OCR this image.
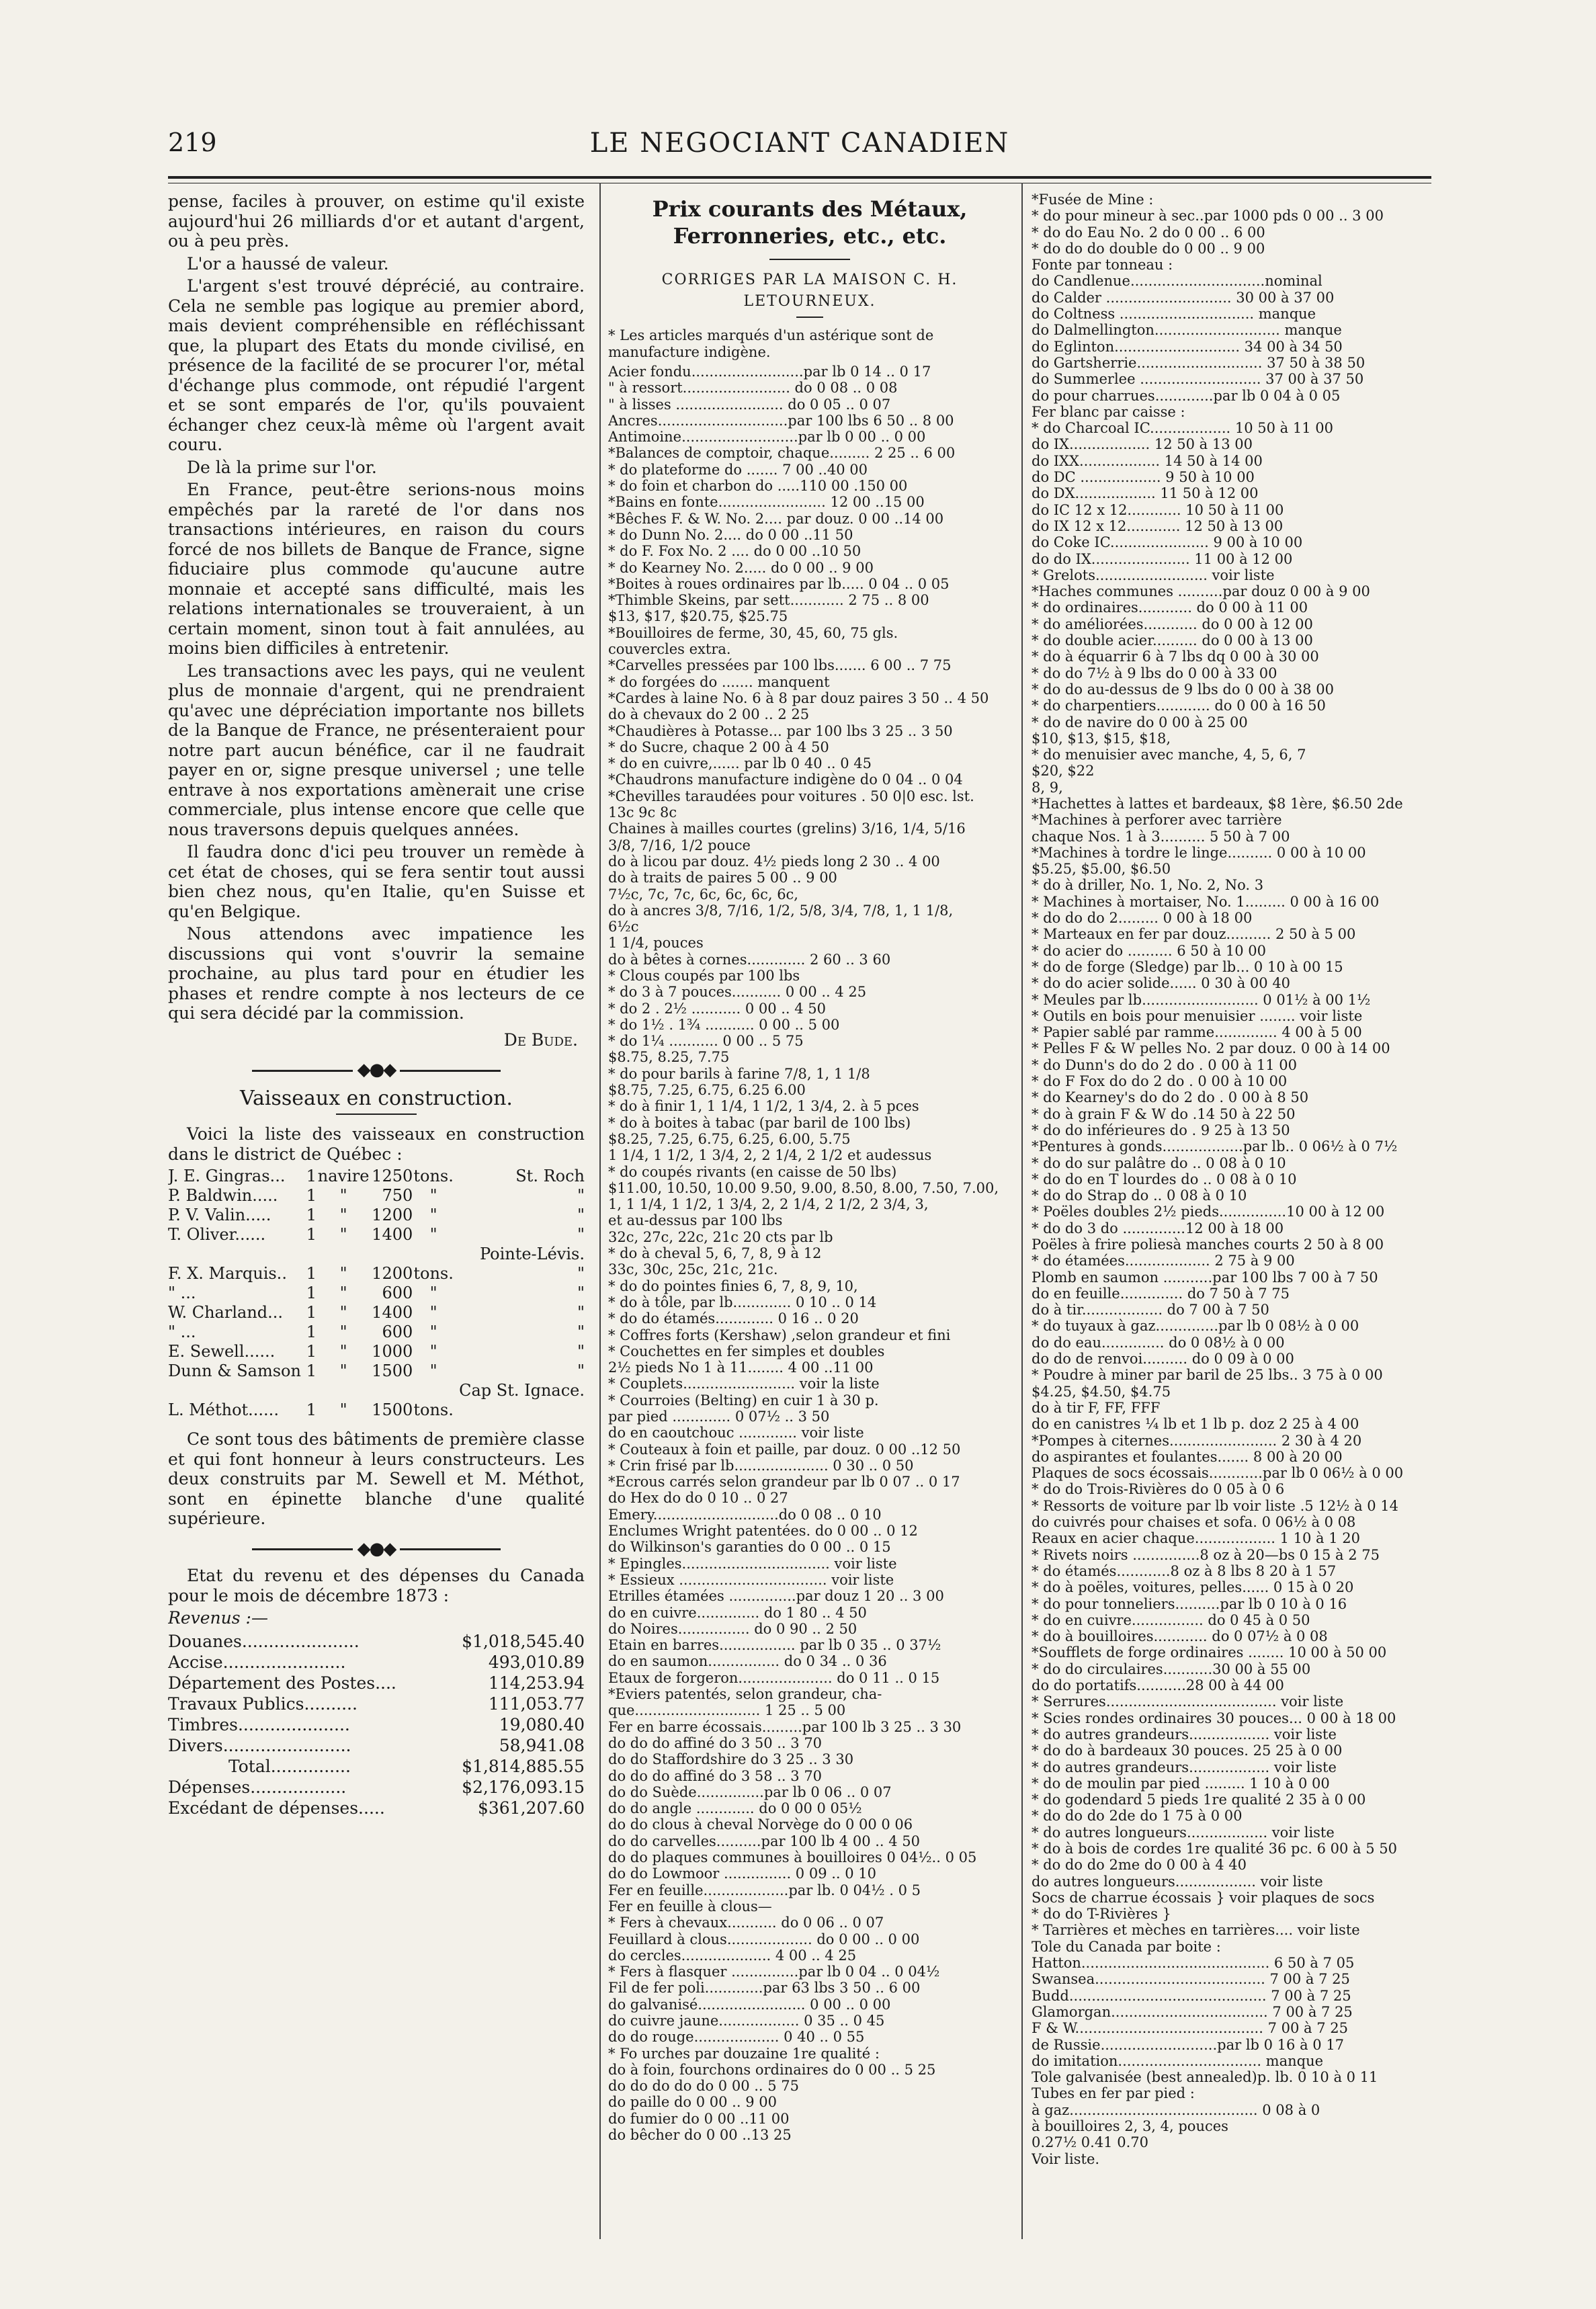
219	LE NEGOCIANT CANADIEN

pense, faciles à prouver, on estime qu'il existe aujourd'hui 26 milliards d'or et autant d'argent, ou à peu près.

L'or a haussé de valeur.

L'argent s'est trouvé déprécié, au contraire. Cela ne semble pas logique au premier abord, mais devient compréhensible en réfléchissant que, la plupart des Etats du monde civilisé, en présence de la facilité de se procurer l'or, métal d'échange plus commode, ont répudié l'argent et se sont emparés de l'or, qu'ils pouvaient échanger chez ceux-là même où l'argent avait couru.

De là la prime sur l'or.

En France, peut-être serions-nous moins empêchés par la rareté de l'or dans nos transactions intérieures, en raison du cours forcé de nos billets de Banque de France, signe fiduciaire plus commode qu'aucune autre monnaie et accepté sans difficulté, mais les relations internationales se trouveraient, à un certain moment, sinon tout à fait annulées, au moins bien difficiles à entretenir.

Les transactions avec les pays, qui ne veulent plus de monnaie d'argent, qui ne prendraient qu'avec une dépréciation importante nos billets de la Banque de France, ne présenteraient pour notre part aucun bénéfice, car il ne faudrait payer en or, signe presque universel ; une telle entrave à nos exportations amènerait une crise commerciale, plus intense encore que celle que nous traversons depuis quelques années.

Il faudra donc d'ici peu trouver un remède à cet état de choses, qui se fera sentir tout aussi bien chez nous, qu'en Italie, qu'en Suisse et qu'en Belgique.

Nous attendons avec impatience les discussions qui vont s'ouvrir la semaine prochaine, au plus tard pour en étudier les phases et rendre compte à nos lecteurs de ce qui sera décidé par la commission.

De Bude.
◆●◆
Vaisseaux en construction.

Voici la liste des vaisseaux en construction dans le district de Québec :

J. E. Gingras...	1	navire	1250	tons.	St. Roch
P. Baldwin.....	1	"	750	"	"
P. V. Valin.....	1	"	1200	"	"
T. Oliver......	1	"	1400	"	"
					Pointe-Lévis.
F. X. Marquis..	1	"	1200	tons.	"
" ...	1	"	600	"	"
W. Charland...	1	"	1400	"	"
" ...	1	"	600	"	"
E. Sewell......	1	"	1000	"	"
Dunn & Samson	1	"	1500	"	"
					Cap St. Ignace.
L. Méthot......	1	"	1500	tons.	

Ce sont tous des bâtiments de première classe et qui font honneur à leurs constructeurs. Les deux construits par M. Sewell et M. Méthot, sont en épinette blanche d'une qualité supérieure.

◆●◆

Etat du revenu et des dépenses du Canada pour le mois de décembre 1873 :

Revenus :—
Douanes......................	$1,018,545.40
Accise.......................	493,010.89
Département des Postes....	114,253.94
Travaux Publics..........	111,053.77
Timbres.....................	19,080.40
Divers........................	58,941.08
Total...............	$1,814,885.55
Dépenses..................	$2,176,093.15
Excédant de dépenses.....	$361,207.60
Prix courants des Métaux, Ferronneries, etc., etc.
CORRIGES PAR LA MAISON C. H. LETOURNEUX.
* Les articles marqués d'un astérique sont de manufacture indigène.
Acier fondu.........................par lb 0 14 .. 0 17
" à ressort........................ do 0 08 .. 0 08
" à lisses ........................ do 0 05 .. 0 07
Ancres.............................par 100 lbs 6 50 .. 8 00
Antimoine..........................par lb 0 00 .. 0 00
*Balances de comptoir, chaque......... 2 25 .. 6 00
* do plateforme do ....... 7 00 ..40 00
* do foin et charbon do .....110 00 .150 00
*Bains en fonte........................ 12 00 ..15 00
*Bêches F. & W. No. 2.... par douz. 0 00 ..14 00
* do Dunn No. 2.... do 0 00 ..11 50
* do F. Fox No. 2 .... do 0 00 ..10 50
* do Kearney No. 2..... do 0 00 .. 9 00
*Boites à roues ordinaires par lb..... 0 04 .. 0 05
*Thimble Skeins, par sett............ 2 75 .. 8 00
$13, $17, $20.75, $25.75
*Bouilloires de ferme, 30, 45, 60, 75 gls.
couvercles extra.
*Carvelles pressées par 100 lbs....... 6 00 .. 7 75
* do forgées do ....... manquent
*Cardes à laine No. 6 à 8 par douz paires 3 50 .. 4 50
do à chevaux do 2 00 .. 2 25
*Chaudières à Potasse... par 100 lbs 3 25 .. 3 50
* do Sucre, chaque 2 00 à 4 50
* do en cuivre,...... par lb 0 40 .. 0 45
*Chaudrons manufacture indigène do 0 04 .. 0 04
*Chevilles taraudées pour voitures . 50 0|0 esc. lst.
13c 9c 8c
Chaines à mailles courtes (grelins) 3/16, 1/4, 5/16
3/8, 7/16, 1/2 pouce
do à licou par douz. 4½ pieds long 2 30 .. 4 00
do à traits de paires 5 00 .. 9 00
7½c, 7c, 7c, 6c, 6c, 6c, 6c,
do à ancres 3/8, 7/16, 1/2, 5/8, 3/4, 7/8, 1, 1 1/8,
6½c
1 1/4, pouces
do à bêtes à cornes............. 2 60 .. 3 60
* Clous coupés par 100 lbs
* do 3 à 7 pouces........... 0 00 .. 4 25
* do 2 . 2½ ........... 0 00 .. 4 50
* do 1½ . 1¾ ........... 0 00 .. 5 00
* do 1¼ ........... 0 00 .. 5 75
$8.75, 8.25, 7.75
* do pour barils à farine 7/8, 1, 1 1/8
$8.75, 7.25, 6.75, 6.25 6.00
* do à finir 1, 1 1/4, 1 1/2, 1 3/4, 2. à 5 pces
* do à boites à tabac (par baril de 100 lbs)
$8.25, 7.25, 6.75, 6.25, 6.00, 5.75
1 1/4, 1 1/2, 1 3/4, 2, 2 1/4, 2 1/2 et audessus
* do coupés rivants (en caisse de 50 lbs)
$11.00, 10.50, 10.00 9.50, 9.00, 8.50, 8.00, 7.50, 7.00,
1, 1 1/4, 1 1/2, 1 3/4, 2, 2 1/4, 2 1/2, 2 3/4, 3,
et au-dessus par 100 lbs
32c, 27c, 22c, 21c 20 cts par lb
* do à cheval 5, 6, 7, 8, 9 à 12
33c, 30c, 25c, 21c, 21c.
* do do pointes finies 6, 7, 8, 9, 10,
* do à tôle, par lb............. 0 10 .. 0 14
* do do étamés............. 0 16 .. 0 20
* Coffres forts (Kershaw) ,selon grandeur et fini
* Couchettes en fer simples et doubles
2½ pieds No 1 à 11........ 4 00 ..11 00
* Couplets......................... voir la liste
* Courroies (Belting) en cuir 1 à 30 p.
par pied ............. 0 07½ .. 3 50
do en caoutchouc ............. voir liste
* Couteaux à foin et paille, par douz. 0 00 ..12 50
* Crin frisé par lb..................... 0 30 .. 0 50
*Ecrous carrés selon grandeur par lb 0 07 .. 0 17
do Hex do do 0 10 .. 0 27
Emery............................do 0 08 .. 0 10
Enclumes Wright patentées. do 0 00 .. 0 12
do Wilkinson's garanties do 0 00 .. 0 15
* Epingles................................. voir liste
* Essieux ................................. voir liste
Etrilles étamées ...............par douz 1 20 .. 3 00
do en cuivre.............. do 1 80 .. 4 50
do Noires................ do 0 90 .. 2 50
Etain en barres................. par lb 0 35 .. 0 37½
do en saumon................ do 0 34 .. 0 36
Etaux de forgeron..................... do 0 11 .. 0 15
*Eviers patentés, selon grandeur, cha-
que............................ 1 25 .. 5 00
Fer en barre écossais.........par 100 lb 3 25 .. 3 30
do do do affiné do 3 50 .. 3 70
do do Staffordshire do 3 25 .. 3 30
do do do affiné do 3 58 .. 3 70
do do Suède...............par lb 0 06 .. 0 07
do do angle ............. do 0 00 0 05½
do do clous à cheval Norvège do 0 00 0 06
do do carvelles..........par 100 lb 4 00 .. 4 50
do do plaques communes à bouilloires 0 04½.. 0 05
do do Lowmoor ............... 0 09 .. 0 10
Fer en feuille...................par lb. 0 04½ . 0 5
Fer en feuille à clous—
* Fers à chevaux........... do 0 06 .. 0 07
Feuillard à clous................... do 0 00 .. 0 00
do cercles.................... 4 00 .. 4 25
* Fers à flasquer ...............par lb 0 04 .. 0 04½
Fil de fer poli.............par 63 lbs 3 50 .. 6 00
do galvanisé........................ 0 00 .. 0 00
do cuivre jaune.................. 0 35 .. 0 45
do do rouge................... 0 40 .. 0 55
* Fo urches par douzaine 1re qualité :
do à foin, fourchons ordinaires do 0 00 .. 5 25
do do do do do 0 00 .. 5 75
do paille do 0 00 .. 9 00
do fumier do 0 00 ..11 00
do bêcher do 0 00 ..13 25
*Fusée de Mine :
* do pour mineur à sec..par 1000 pds 0 00 .. 3 00
* do do Eau No. 2 do 0 00 .. 6 00
* do do do double do 0 00 .. 9 00
Fonte par tonneau :
do Candlenue..............................nominal
do Calder ............................ 30 00 à 37 00
do Coltness .............................. manque
do Dalmellington............................ manque
do Eglinton............................ 34 00 à 34 50
do Gartsherrie............................ 37 50 à 38 50
do Summerlee ........................... 37 00 à 37 50
do pour charrues.............par lb 0 04 à 0 05
Fer blanc par caisse :
* do Charcoal IC.................. 10 50 à 11 00
do IX.................. 12 50 à 13 00
do IXX.................. 14 50 à 14 00
do DC .................. 9 50 à 10 00
do DX.................. 11 50 à 12 00
do IC 12 x 12............ 10 50 à 11 00
do IX 12 x 12............ 12 50 à 13 00
do Coke IC...................... 9 00 à 10 00
do do IX...................... 11 00 à 12 00
* Grelots......................... voir liste
*Haches communes ..........par douz 0 00 à 9 00
* do ordinaires............ do 0 00 à 11 00
* do améliorées............ do 0 00 à 12 00
* do double acier.......... do 0 00 à 13 00
* do à équarrir 6 à 7 lbs dq 0 00 à 30 00
* do do 7½ à 9 lbs do 0 00 à 33 00
* do do au-dessus de 9 lbs do 0 00 à 38 00
* do charpentiers............ do 0 00 à 16 50
* do de navire do 0 00 à 25 00
$10, $13, $15, $18,
* do menuisier avec manche, 4, 5, 6, 7
$20, $22
8, 9,
*Hachettes à lattes et bardeaux, $8 1ère, $6.50 2de
*Machines à perforer avec tarrière
chaque Nos. 1 à 3.......... 5 50 à 7 00
*Machines à tordre le linge.......... 0 00 à 10 00
$5.25, $5.00, $6.50
* do à driller, No. 1, No. 2, No. 3
* Machines à mortaiser, No. 1......... 0 00 à 16 00
* do do do 2......... 0 00 à 18 00
* Marteaux en fer par douz.......... 2 50 à 5 00
* do acier do .......... 6 50 à 10 00
* do de forge (Sledge) par lb... 0 10 à 00 15
* do do acier solide...... 0 30 à 00 40
* Meules par lb.......................... 0 01½ à 00 1½
* Outils en bois pour menuisier ........ voir liste
* Papier sablé par ramme.............. 4 00 à 5 00
* Pelles F & W pelles No. 2 par douz. 0 00 à 14 00
* do Dunn's do do 2 do . 0 00 à 11 00
* do F Fox do do 2 do . 0 00 à 10 00
* do Kearney's do do 2 do . 0 00 à 8 50
* do à grain F & W do .14 50 à 22 50
* do do inférieures do . 9 25 à 13 50
*Pentures à gonds..................par lb.. 0 06½ à 0 7½
* do do sur palâtre do .. 0 08 à 0 10
* do do en T lourdes do .. 0 08 à 0 10
* do do Strap do .. 0 08 à 0 10
* Poëles doubles 2½ pieds...............10 00 à 12 00
* do do 3 do ..............12 00 à 18 00
Poëles à frire poliesà manches courts 2 50 à 8 00
* do étamées................... 2 75 à 9 00
Plomb en saumon ...........par 100 lbs 7 00 à 7 50
do en feuille.............. do 7 50 à 7 75
do à tir.................. do 7 00 à 7 50
* do tuyaux à gaz..............par lb 0 08½ à 0 00
do do eau.............. do 0 08½ à 0 00
do do de renvoi.......... do 0 09 à 0 00
* Poudre à miner par baril de 25 lbs.. 3 75 à 0 00
$4.25, $4.50, $4.75
do à tir F, FF, FFF
do en canistres ¼ lb et 1 lb p. doz 2 25 à 4 00
*Pompes à citernes........................ 2 30 à 4 20
do aspirantes et foulantes....... 8 00 à 20 00
Plaques de socs écossais............par lb 0 06½ à 0 00
* do do Trois-Rivières do 0 05 à 0 6
* Ressorts de voiture par lb voir liste .5 12½ à 0 14
do cuivrés pour chaises et sofa. 0 06½ à 0 08
Reaux en acier chaque.................. 1 10 à 1 20
* Rivets noirs ...............8 oz à 20—bs 0 15 à 2 75
* do étamés............8 oz à 8 lbs 8 20 à 1 57
* do à poëles, voitures, pelles...... 0 15 à 0 20
* do pour tonneliers..........par lb 0 10 à 0 16
* do en cuivre................ do 0 45 à 0 50
* do à bouilloires............ do 0 07½ à 0 08
*Soufflets de forge ordinaires ........ 10 00 à 50 00
* do do circulaires...........30 00 à 55 00
do do portatifs...........28 00 à 44 00
* Serrures...................................... voir liste
* Scies rondes ordinaires 30 pouces... 0 00 à 18 00
* do autres grandeurs.................. voir liste
* do do à bardeaux 30 pouces. 25 25 à 0 00
* do autres grandeurs.................. voir liste
* do de moulin par pied ......... 1 10 à 0 00
* do godendard 5 pieds 1re qualité 2 35 à 0 00
* do do do 2de do 1 75 à 0 00
* do autres longueurs.................. voir liste
* do à bois de cordes 1re qualité 36 pc. 6 00 à 5 50
* do do do 2me do 0 00 à 4 40
do autres longueurs.................. voir liste
Socs de charrue écossais } voir plaques de socs
* do do T-Rivières }
* Tarrières et mèches en tarrières.... voir liste
Tole du Canada par boite :
Hatton.......................................... 6 50 à 7 05
Swansea...................................... 7 00 à 7 25
Budd............................................ 7 00 à 7 25
Glamorgan................................... 7 00 à 7 25
F & W.......................................... 7 00 à 7 25
de Russie..........................par lb 0 16 à 0 17
do imitation................................ manque
Tole galvanisée (best annealed)p. lb. 0 10 à 0 11
Tubes en fer par pied :
à gaz.......................................... 0 08 à 0
à bouilloires 2, 3, 4, pouces
0.27½ 0.41 0.70
Voir liste.
